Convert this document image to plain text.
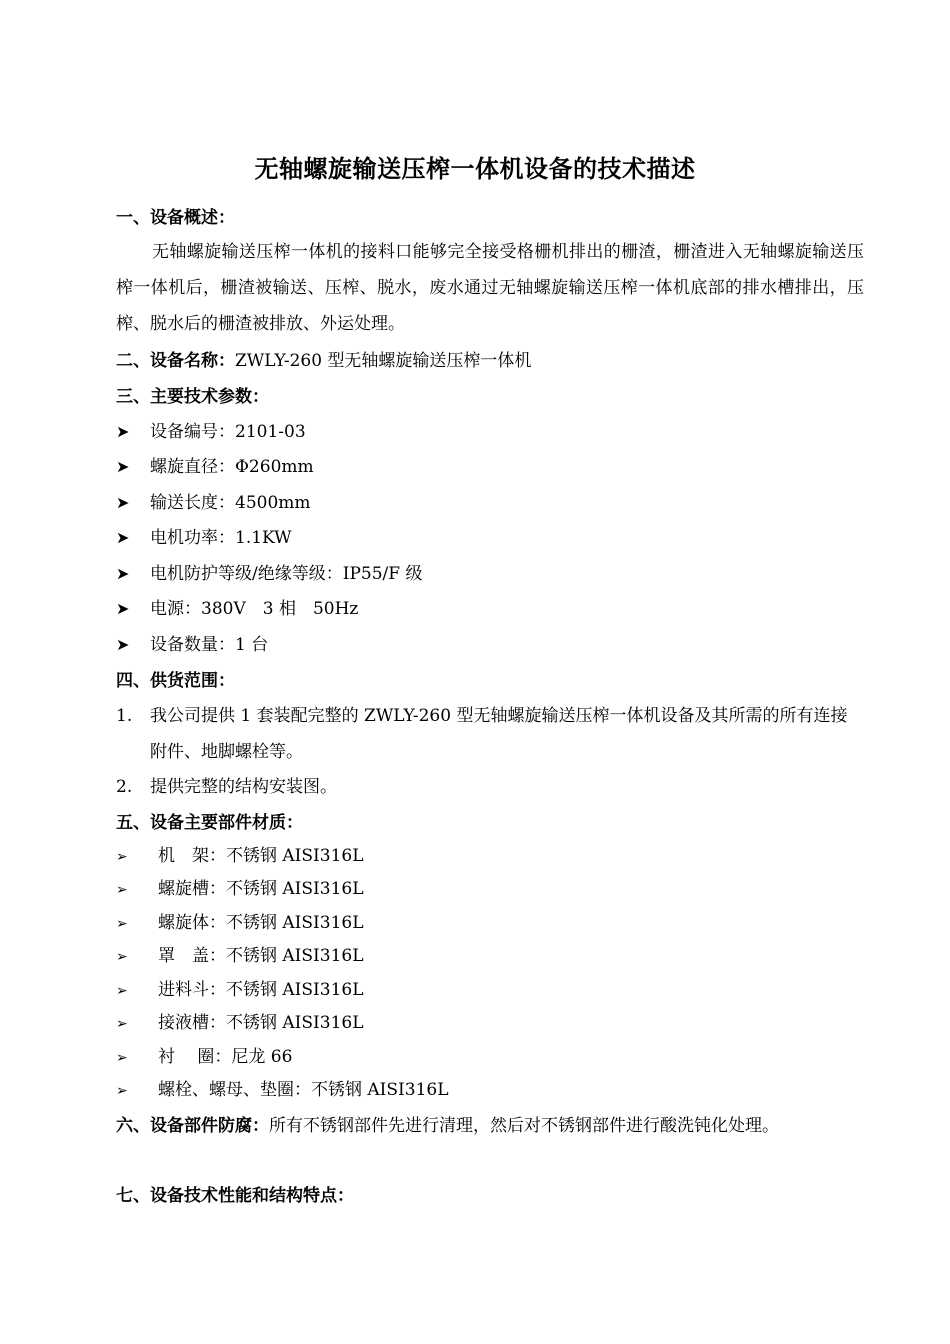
无轴螺旋输送压榨一体机设备的技术描述
一、设备概述：
无轴螺旋输送压榨一体机的接料口能够完全接受格栅机排出的栅渣，栅渣进入无轴螺旋输送压榨一体机后，栅渣被输送、压榨、脱水，废水通过无轴螺旋输送压榨一体机底部的排水槽排出，压榨、脱水后的栅渣被排放、外运处理。
二、设备名称：ZWLY-260 型无轴螺旋输送压榨一体机
三、主要技术参数：
➤ 设备编号：2101-03
➤ 螺旋直径：Φ260mm
➤ 输送长度：4500mm
➤ 电机功率：1.1KW
➤ 电机防护等级/绝缘等级：IP55/F 级
➤ 电源：380V　3 相　50Hz
➤ 设备数量：1 台
四、供货范围：
1.	我公司提供 1 套装配完整的 ZWLY-260 型无轴螺旋输送压榨一体机设备及其所需的所有连接附件、地脚螺栓等。
2.	提供完整的结构安装图。
五、设备主要部件材质：
➢ 机　架：不锈钢 AISI316L
➢ 螺旋槽：不锈钢 AISI316L
➢ 螺旋体：不锈钢 AISI316L
➢ 罩　盖：不锈钢 AISI316L
➢ 进料斗：不锈钢 AISI316L
➢ 接液槽：不锈钢 AISI316L
➢ 衬　 圈：尼龙 66
➢ 螺栓、螺母、垫圈：不锈钢 AISI316L
六、设备部件防腐：所有不锈钢部件先进行清理，然后对不锈钢部件进行酸洗钝化处理。
七、设备技术性能和结构特点：
